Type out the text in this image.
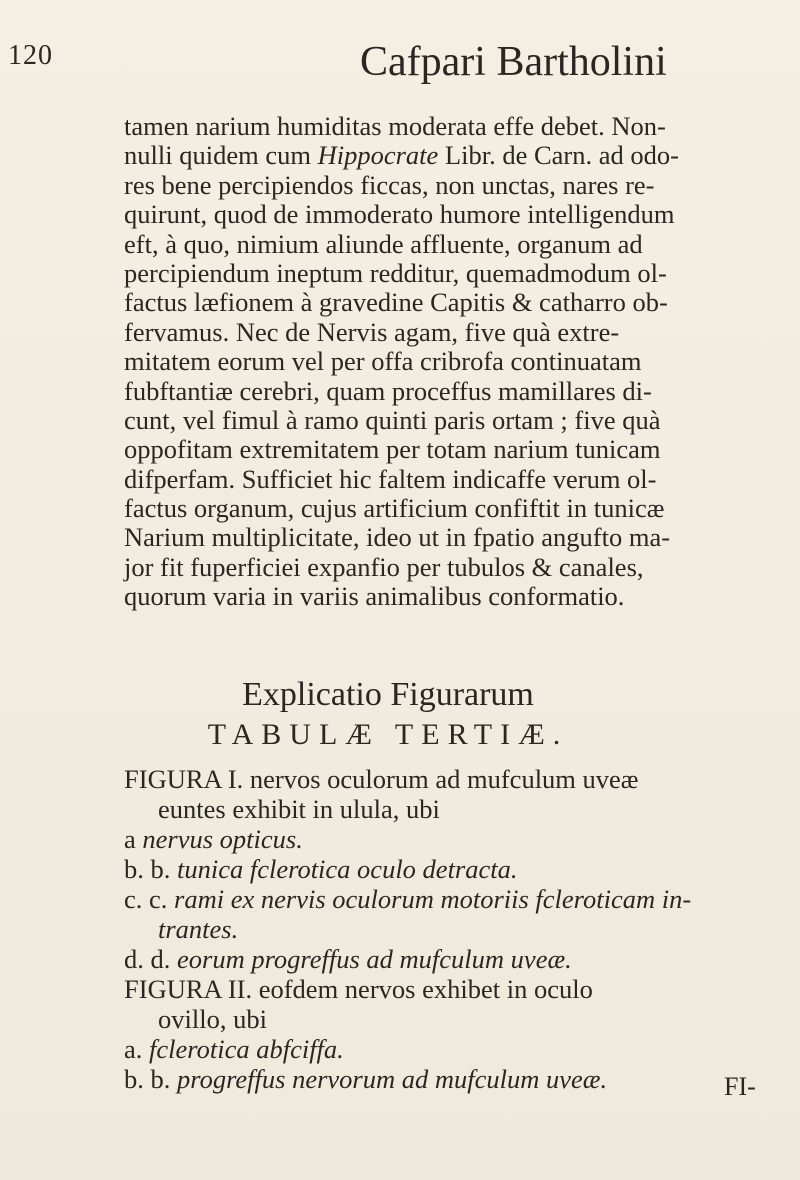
120	Cafpari Bartholini
tamen narium humiditas moderata effe debet. Non-
nulli quidem cum Hippocrate Libr. de Carn. ad odo-
res bene percipiendos ficcas, non unctas, nares re-
quirunt, quod de immoderato humore intelligendum
eft, à quo, nimium aliunde affluente, organum ad
percipiendum ineptum redditur, quemadmodum ol-
factus læfionem à gravedine Capitis & catharro ob-
fervamus. Nec de Nervis agam, five quà extre-
mitatem eorum vel per offa cribrofa continuatam
fubftantiæ cerebri, quam proceffus mamillares di-
cunt, vel fimul à ramo quinti paris ortam ; five quà
oppofitam extremitatem per totam narium tunicam
difperfam. Sufficiet hic faltem indicaffe verum ol-
factus organum, cujus artificium confiftit in tunicæ
Narium multiplicitate, ideo ut in fpatio angufto ma-
jor fit fuperficiei expanfio per tubulos & canales,
quorum varia in variis animalibus conformatio.
Explicatio Figurarum
TABULÆ TERTIÆ.
FIGURA I. nervos oculorum ad mufculum uveæ
euntes exhibit in ulula, ubi
a nervus opticus.
b. b. tunica fclerotica oculo detracta.
c. c. rami ex nervis oculorum motoriis fcleroticam in-
trantes.
d. d. eorum progreffus ad mufculum uveæ.
FIGURA II. eofdem nervos exhibet in oculo
ovillo, ubi
a. fclerotica abfciffa.
b. b. progreffus nervorum ad mufculum uveæ.	FI-
